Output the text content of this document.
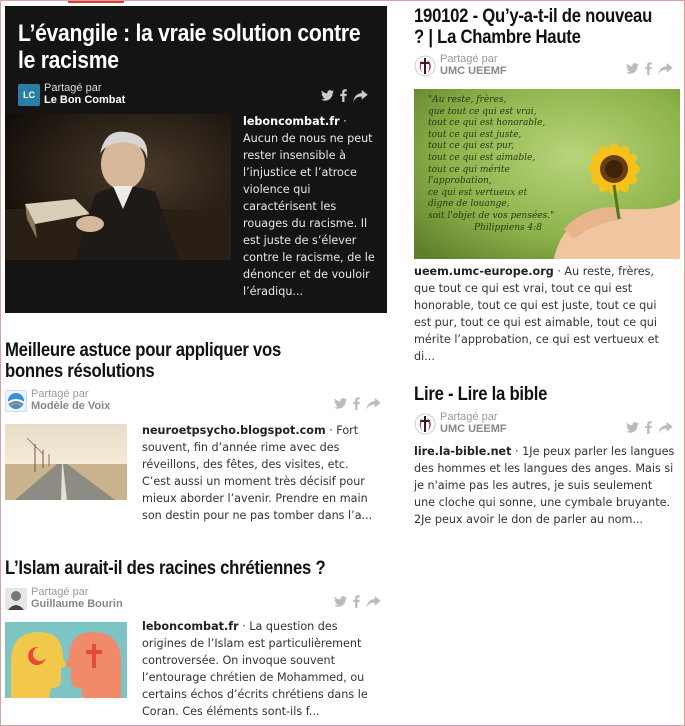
L’évangile : la vraie solution contre le racisme
LC
Partagé par
Le Bon Combat
leboncombat.fr · Aucun de nous ne peut rester insensible à l’injustice et l’atroce violence qui caractérisent les rouages du racisme. Il est juste de s’élever contre le racisme, de le dénoncer et de vouloir l’éradiqu...
Meilleure astuce pour appliquer vos bonnes résolutions
Partagé par
Modèle de Voix
neuroetpsycho.blogspot.com · Fort souvent, fin d’année rime avec des réveillons, des fêtes, des visites, etc. C’est aussi un moment très décisif pour mieux aborder l’avenir. Prendre en main son destin pour ne pas tomber dans l’a...
L’Islam aurait-il des racines chrétiennes ?
Partagé par
Guillaume Bourin
leboncombat.fr · La question des origines de l’Islam est particulièrement controversée. On invoque souvent l’entourage chrétien de Mohammed, ou certains échos d’écrits chrétiens dans le Coran. Ces éléments sont-ils f...
190102 - Qu’y-a-t-il de nouveau ? | La Chambre Haute
Partagé par
UMC UEEMF
"Au reste, frères,
que tout ce qui est vrai,
tout ce qui est honorable,
tout ce qui est juste,
tout ce qui est pur,
tout ce qui est aimable,
tout ce qui mérite
l'approbation,
ce qui est vertueux et
digne de louange,
soit l'objet de vos pensées."
Philippiens 4:8
ueem.umc-europe.org · Au reste, frères, que tout ce qui est vrai, tout ce qui est honorable, tout ce qui est juste, tout ce qui est pur, tout ce qui est aimable, tout ce qui mérite l’approbation, ce qui est vertueux et di...
Lire - Lire la bible
Partagé par
UMC UEEMF
lire.la-bible.net · 1Je peux parler les langues des hommes et les langues des anges. Mais si je n'aime pas les autres, je suis seulement une cloche qui sonne, une cymbale bruyante. 2Je peux avoir le don de parler au nom...
